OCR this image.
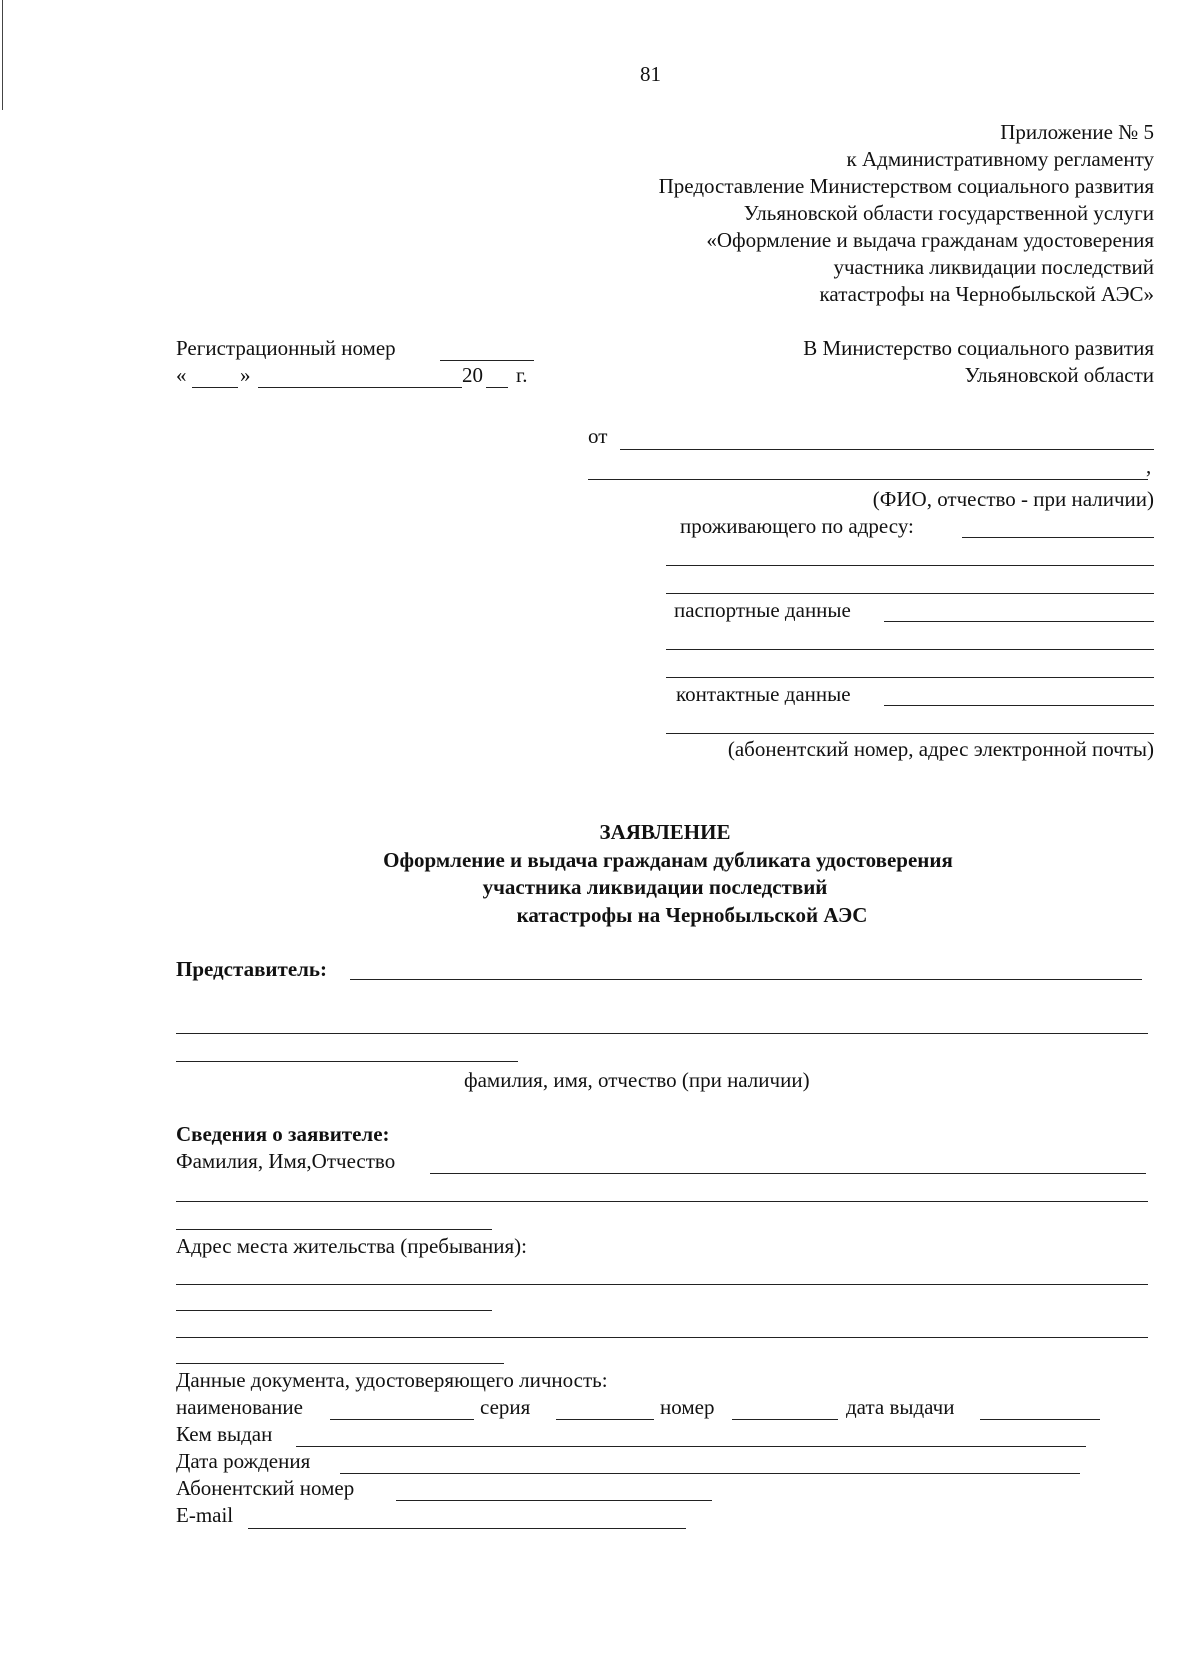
81
Приложение № 5
к Административному регламенту
Предоставление Министерством социального развития
Ульяновской области государственной услуги
«Оформление и выдача гражданам удостоверения
участника ликвидации последствий
катастрофы на Чернобыльской АЭС»
Регистрационный номер
«	»	20 г.
В Министерство социального развития
Ульяновской области
от
,
(ФИО, отчество - при наличии)
проживающего по адресу:
паспортные данные
контактные данные
(абонентский номер, адрес электронной почты)
ЗАЯВЛЕНИЕ
Оформление и выдача гражданам дубликата удостоверения
участника ликвидации последствий
катастрофы на Чернобыльской АЭС
Представитель:
фамилия, имя, отчество (при наличии)
Сведения о заявителе:
Фамилия, Имя,Отчество
Адрес места жительства (пребывания):
Данные документа, удостоверяющего личность:
наименование	серия	номер	дата выдачи
Кем выдан
Дата рождения
Абонентский номер
E-mail
